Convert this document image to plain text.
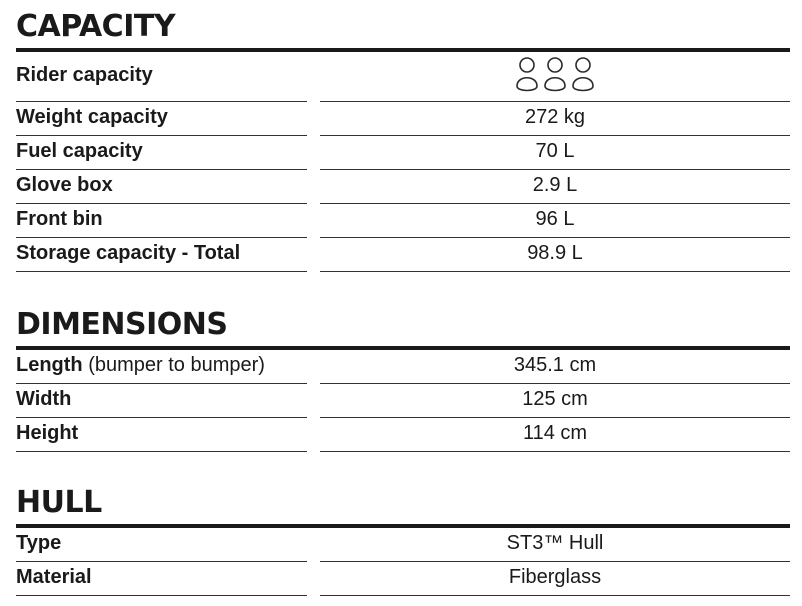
CAPACITY
Rider capacity
Weight capacity	272 kg
Fuel capacity	70 L
Glove box	2.9 L
Front bin	96 L
Storage capacity - Total	98.9 L
DIMENSIONS
Length (bumper to bumper)	345.1 cm
Width	125 cm
Height	114 cm
HULL
Type	ST3™ Hull
Material	Fiberglass
